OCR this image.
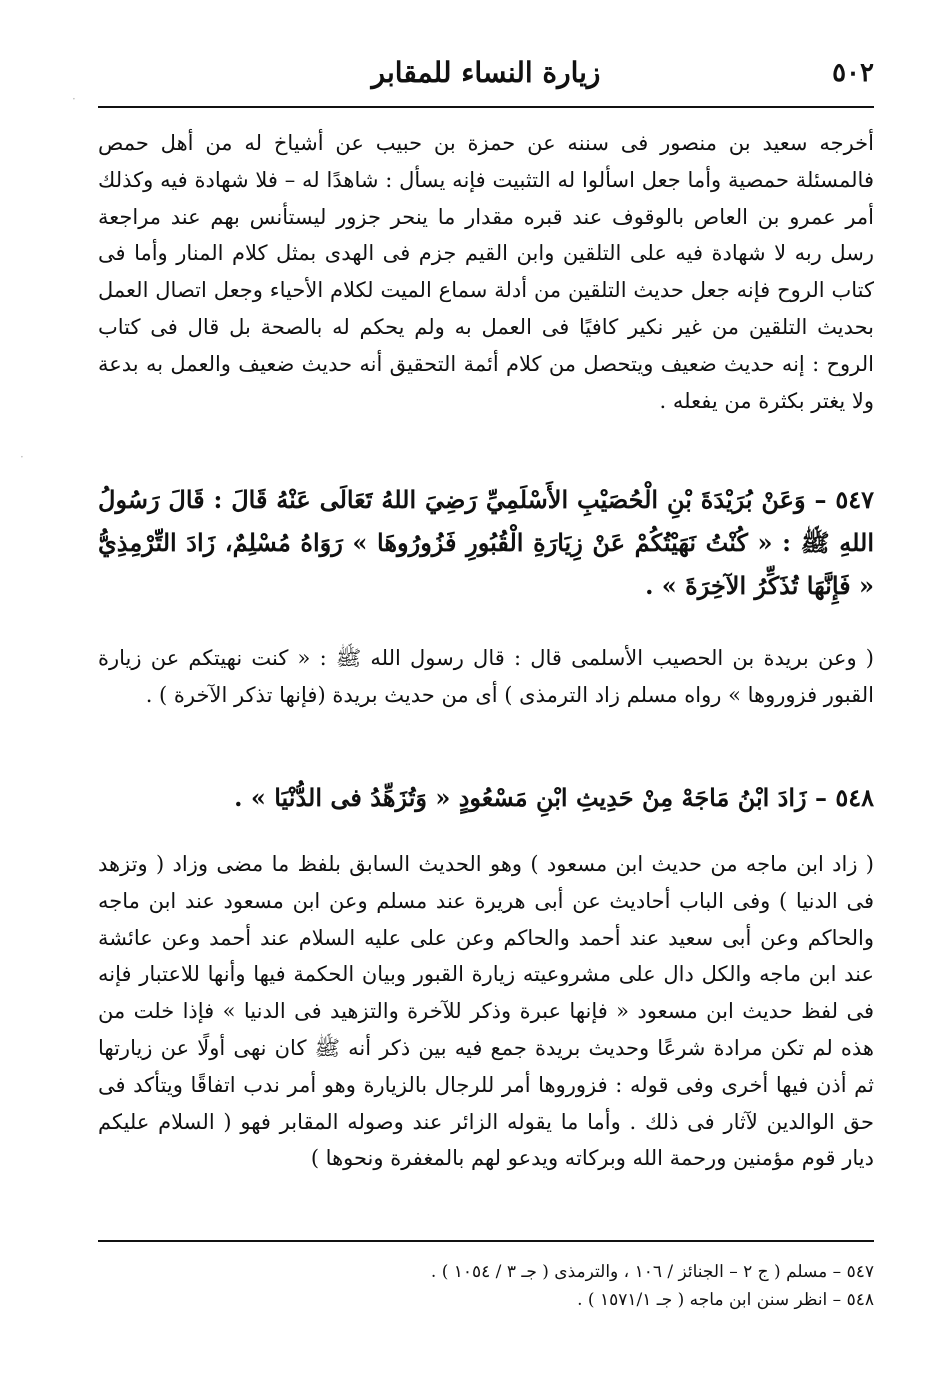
٥٠٢
زيارة النساء للمقابر

أخرجه سعيد بن منصور فى سننه عن حمزة بن حبيب عن أشياخ له من أهل حمص فالمسئلة حمصية وأما جعل اسألوا له التثبيت فإنه يسأل : شاهدًا له – فلا شهادة فيه وكذلك أمر عمرو بن العاص بالوقوف عند قبره مقدار ما ينحر جزور ليستأنس بهم عند مراجعة رسل ربه لا شهادة فيه على التلقين وابن القيم جزم فى الهدى بمثل كلام المنار وأما فى كتاب الروح فإنه جعل حديث التلقين من أدلة سماع الميت لكلام الأحياء وجعل اتصال العمل بحديث التلقين من غير نكير كافيًا فى العمل به ولم يحكم له بالصحة بل قال فى كتاب الروح : إنه حديث ضعيف ويتحصل من كلام أئمة التحقيق أنه حديث ضعيف والعمل به بدعة ولا يغتر بكثرة من يفعله .

٥٤٧ – وَعَنْ بُرَيْدَةَ بْنِ الْحُصَيْبِ الأَسْلَمِيِّ رَضِيَ اللهُ تَعَالَى عَنْهُ قَالَ : قَالَ رَسُولُ اللهِ ﷺ : « كُنْتُ نَهَيْتُكُمْ عَنْ زِيَارَةِ الْقُبُورِ فَزُورُوهَا » رَوَاهُ مُسْلِمٌ، زَادَ التِّرْمِذِيُّ « فَإِنَّهَا تُذَكِّرُ الآخِرَةَ » .

( وعن بريدة بن الحصيب الأسلمى قال : قال رسول الله ﷺ : « كنت نهيتكم عن زيارة القبور فزوروها » رواه مسلم زاد الترمذى ) أى من حديث بريدة (فإنها تذكر الآخرة ) .

٥٤٨ – زَادَ ابْنُ مَاجَهْ مِنْ حَدِيثِ ابْنِ مَسْعُودٍ « وَتُزَهِّدُ فى الدُّنْيَا » .

( زاد ابن ماجه من حديث ابن مسعود ) وهو الحديث السابق بلفظ ما مضى وزاد ( وتزهد فى الدنيا ) وفى الباب أحاديث عن أبى هريرة عند مسلم وعن ابن مسعود عند ابن ماجه والحاكم وعن أبى سعيد عند أحمد والحاكم وعن على عليه السلام عند أحمد وعن عائشة عند ابن ماجه والكل دال على مشروعيته زيارة القبور وبيان الحكمة فيها وأنها للاعتبار فإنه فى لفظ حديث ابن مسعود « فإنها عبرة وذكر للآخرة والتزهيد فى الدنيا » فإذا خلت من هذه لم تكن مرادة شرعًا وحديث بريدة جمع فيه بين ذكر أنه ﷺ كان نهى أولًا عن زيارتها ثم أذن فيها أخرى وفى قوله : فزوروها أمر للرجال بالزيارة وهو أمر ندب اتفاقًا ويتأكد فى حق الوالدين لآثار فى ذلك . وأما ما يقوله الزائر عند وصوله المقابر فهو ( السلام عليكم ديار قوم مؤمنين ورحمة الله وبركاته ويدعو لهم بالمغفرة ونحوها )

٥٤٧ – مسلم ( ج ٢ – الجنائز / ١٠٦ ، والترمذى ( جـ ٣ / ١٠٥٤ ) .
٥٤٨ – انظر سنن ابن ماجه ( جـ ١٥٧١/١ ) .
·
·
